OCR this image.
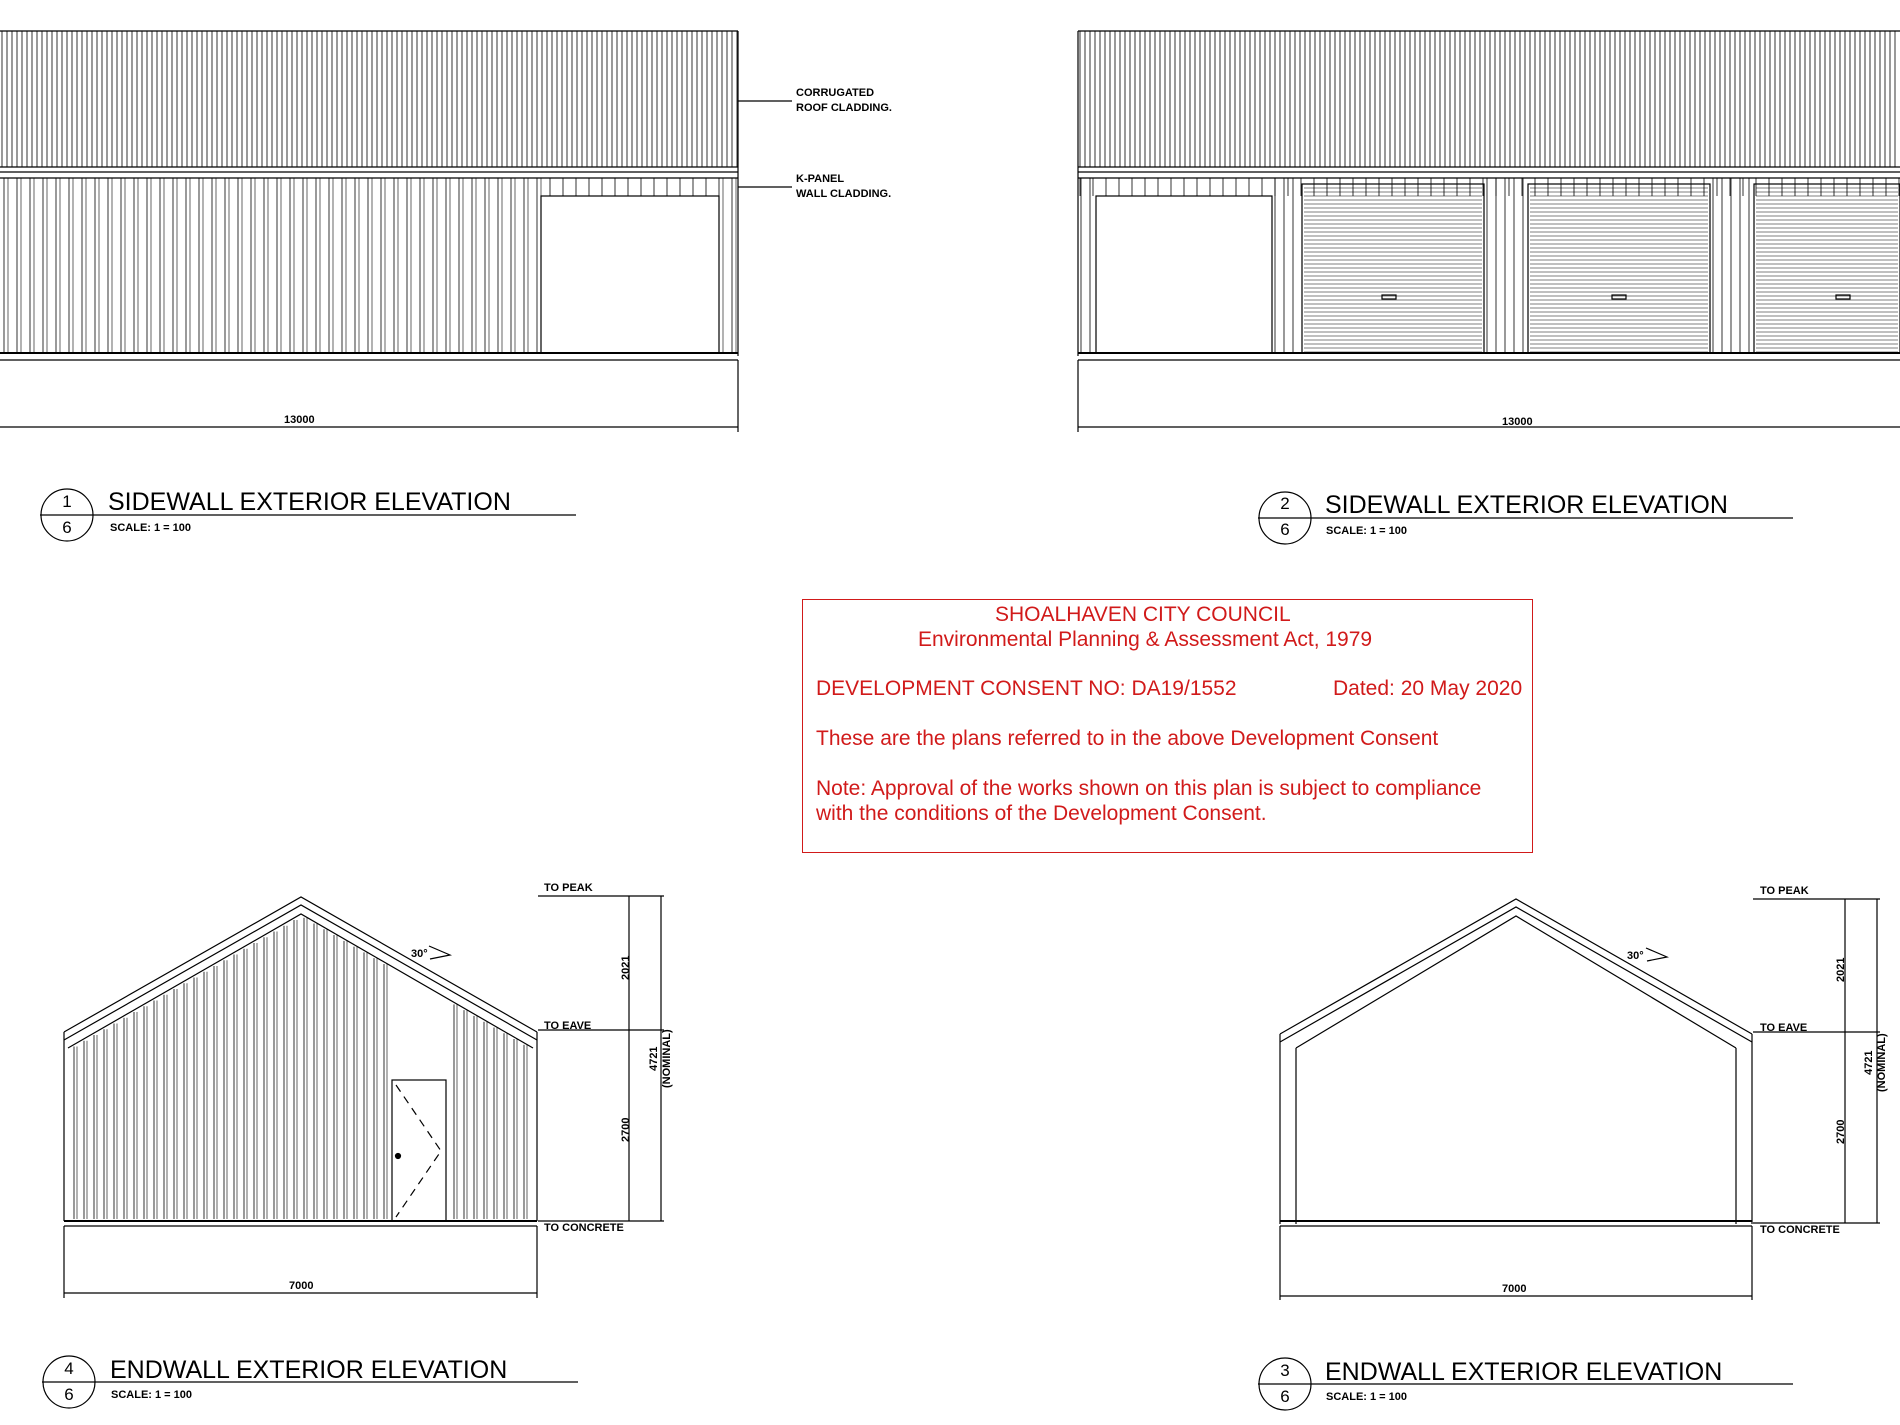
CORRUGATED
ROOF CLADDING.
K-PANEL
WALL CLADDING.
13000	13000
1
6
SIDEWALL EXTERIOR ELEVATION
SCALE: 1 = 100
2
6
SIDEWALL EXTERIOR ELEVATION
SCALE: 1 = 100
TO PEAK
TO EAVE
TO CONCRETE
2021
2700
4721
(NOMINAL)
30°
7000
4
6
ENDWALL EXTERIOR ELEVATION
SCALE: 1 = 100
TO PEAK
TO EAVE
TO CONCRETE
2021
2700
4721
(NOMINAL)
30°
7000
3
6
ENDWALL EXTERIOR ELEVATION
SCALE: 1 = 100
SHOALHAVEN CITY COUNCIL
Environmental Planning & Assessment Act, 1979
DEVELOPMENT CONSENT NO: DA19/1552	Dated: 20 May 2020
These are the plans referred to in the above Development Consent
Note: Approval of the works shown on this plan is subject to compliance
with the conditions of the Development Consent.
